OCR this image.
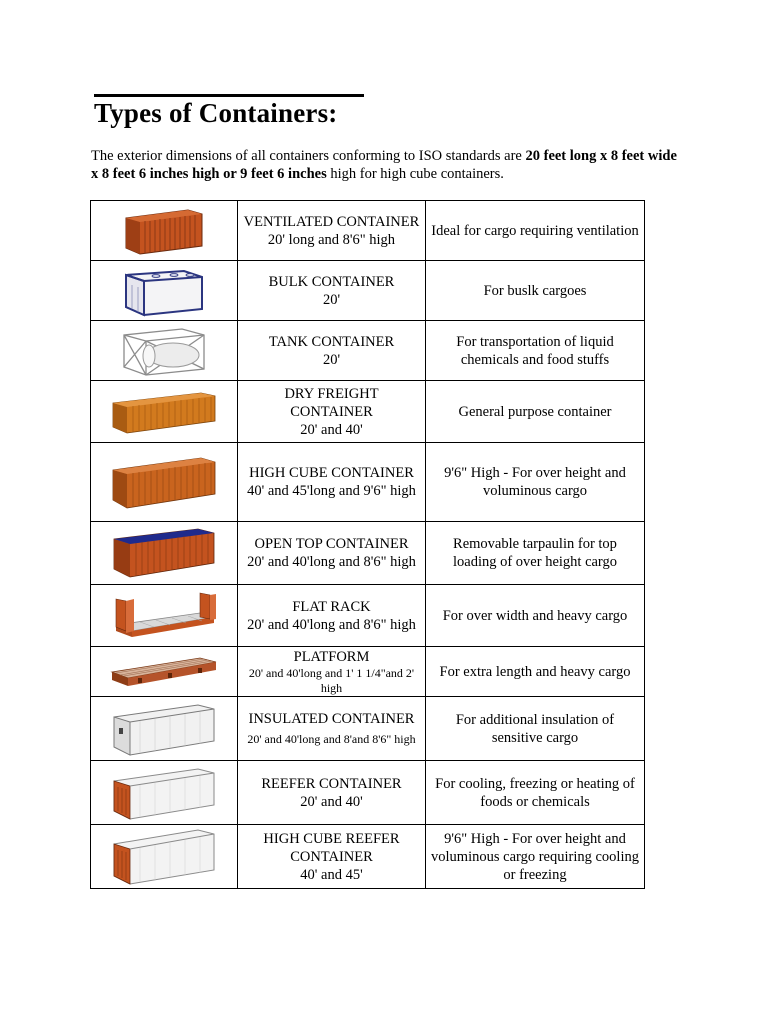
Types of Containers:
The exterior dimensions of all containers conforming to ISO standards are 20 feet long x 8 feet wide x 8 feet 6 inches high or 9 feet 6 inches high for high cube containers.

VENTILATED CONTAINER
20' long and 8'6" high	Ideal for cargo requiring ventilation

BULK CONTAINER
20'	For buslk cargoes

TANK CONTAINER
20'	For transportation of liquid chemicals and food stuffs

DRY FREIGHT CONTAINER
20' and 40'	General purpose container

HIGH CUBE CONTAINER
40' and 45'long and 9'6" high	9'6" High - For over height and voluminous cargo

OPEN TOP CONTAINER
20' and 40'long and 8'6" high	Removable tarpaulin for top loading of over height cargo

FLAT RACK
20' and 40'long and 8'6" high	For over width and heavy cargo

PLATFORM
20' and 40'long and 1' 1 1/4"and 2' high	For extra length and heavy cargo

INSULATED CONTAINER
20' and 40'long and 8'and 8'6" high	For additional insulation of sensitive cargo

REEFER CONTAINER
20' and 40'	For cooling, freezing or heating of foods or chemicals

HIGH CUBE REEFER CONTAINER
40' and 45'	9'6" High - For over height and voluminous cargo requiring cooling or freezing
